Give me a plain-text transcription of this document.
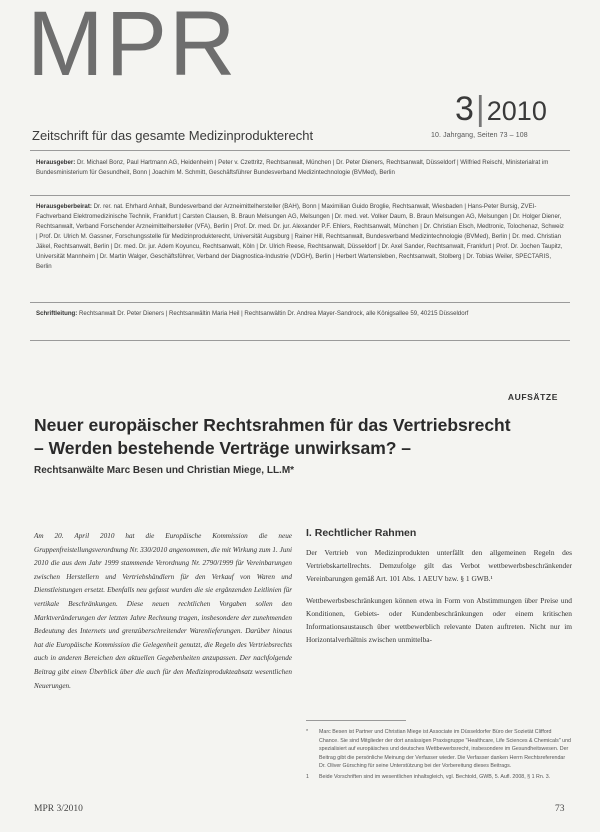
MPR
3|2010
Zeitschrift für das gesamte Medizinprodukterecht	10. Jahrgang, Seiten 73 – 108
Herausgeber: Dr. Michael Bonz, Paul Hartmann AG, Heidenheim | Peter v. Czettritz, Rechtsanwalt, München | Dr. Peter Dieners, Rechtsanwalt, Düsseldorf | Wilfried Reischl, Ministerialrat im Bundesministerium für Gesundheit, Bonn | Joachim M. Schmitt, Geschäftsführer Bundesverband Medizintechnologie (BVMed), Berlin
Herausgeberbeirat: Dr. rer. nat. Ehrhard Anhalt, Bundesverband der Arzneimittelhersteller (BAH), Bonn | Maximilian Guido Broglie, Rechtsanwalt, Wiesbaden | Hans-Peter Bursig, ZVEI-Fachverband Elektromedizinische Technik, Frankfurt | Carsten Clausen, B. Braun Melsungen AG, Melsungen | Dr. med. vet. Volker Daum, B. Braun Melsungen AG, Melsungen | Dr. Holger Diener, Rechtsanwalt, Verband Forschender Arzneimittelhersteller (VFA), Berlin | Prof. Dr. med. Dr. jur. Alexander P.F. Ehlers, Rechtsanwalt, München | Dr. Christian Elsch, Medtronic, Tolochenaz, Schweiz | Prof. Dr. Ulrich M. Gassner, Forschungsstelle für Medizinprodukterecht, Universität Augsburg | Rainer Hill, Rechtsanwalt, Bundesverband Medizintechnologie (BVMed), Berlin | Dr. med. Christian Jäkel, Rechtsanwalt, Berlin | Dr. med. Dr. jur. Adem Koyuncu, Rechtsanwalt, Köln | Dr. Ulrich Reese, Rechtsanwalt, Düsseldorf | Dr. Axel Sander, Rechtsanwalt, Frankfurt | Prof. Dr. Jochen Taupitz, Universität Mannheim | Dr. Martin Walger, Geschäftsführer, Verband der Diagnostica-Industrie (VDGH), Berlin | Herbert Wartensleben, Rechtsanwalt, Stolberg | Dr. Tobias Weiler, SPECTARIS, Berlin
Schriftleitung: Rechtsanwalt Dr. Peter Dieners | Rechtsanwältin Maria Heil | Rechtsanwältin Dr. Andrea Mayer-Sandrock, alle Königsallee 59, 40215 Düsseldorf
AUFSÄTZE
Neuer europäischer Rechtsrahmen für das Vertriebsrecht
– Werden bestehende Verträge unwirksam? –
Rechtsanwälte Marc Besen und Christian Miege, LL.M*
Am 20. April 2010 hat die Europäische Kommission die neue Gruppenfreistellungsverordnung Nr. 330/2010 angenommen, die mit Wirkung zum 1. Juni 2010 die aus dem Jahr 1999 stammende Verordnung Nr. 2790/1999 für Vereinbarungen zwischen Herstellern und Vertriebshändlern für den Verkauf von Waren und Dienstleistungen ersetzt. Ebenfalls neu gefasst wurden die sie ergänzenden Leitlinien für vertikale Beschränkungen. Diese neuen rechtlichen Vorgaben sollen den Marktveränderungen der letzten Jahre Rechnung tragen, insbesondere der zunehmenden Bedeutung des Internets und grenzüberschreitender Warenlieferungen. Darüber hinaus hat die Europäische Kommission die Gelegenheit genutzt, die Regeln des Vertriebsrechts auch in anderen Bereichen den aktuellen Gegebenheiten anzupassen. Der nachfolgende Beitrag gibt einen Überblick über die auch für den Medizinprodukteabsatz wesentlichen Neuerungen.
I. Rechtlicher Rahmen

Der Vertrieb von Medizinprodukten unterfällt den allgemeinen Regeln des Vertriebskartellrechts. Demzufolge gilt das Verbot wettbewerbsbeschränkender Vereinbarungen gemäß Art. 101 Abs. 1 AEUV bzw. § 1 GWB.¹

Wettbewerbsbeschränkungen können etwa in Form von Abstimmungen über Preise und Konditionen, Gebiets- oder Kundenbeschränkungen oder einem kritischen Informationsaustausch über wettbewerblich relevante Daten auftreten. Nicht nur im Horizontalverhältnis zwischen unmittelba-

*	Marc Besen ist Partner und Christian Miege ist Associate im Düsseldorfer Büro der Sozietät Clifford Chance. Sie sind Mitglieder der dort ansässigen Praxisgruppe "Healthcare, Life Sciences & Chemicals" und spezialisiert auf europäisches und deutsches Wettbewerbsrecht, insbesondere im Gesundheitswesen. Der Beitrag gibt die persönliche Meinung der Verfasser wieder. Die Verfasser danken Herrn Rechtsreferendar Dr. Oliver Gürsching für seine Unterstützung bei der Vorbereitung dieses Beitrags.
1	Beide Vorschriften sind im wesentlichen inhaltsgleich, vgl. Bechtold, GWB, 5. Aufl. 2008, § 1 Rn. 3.
MPR 3/2010	73
